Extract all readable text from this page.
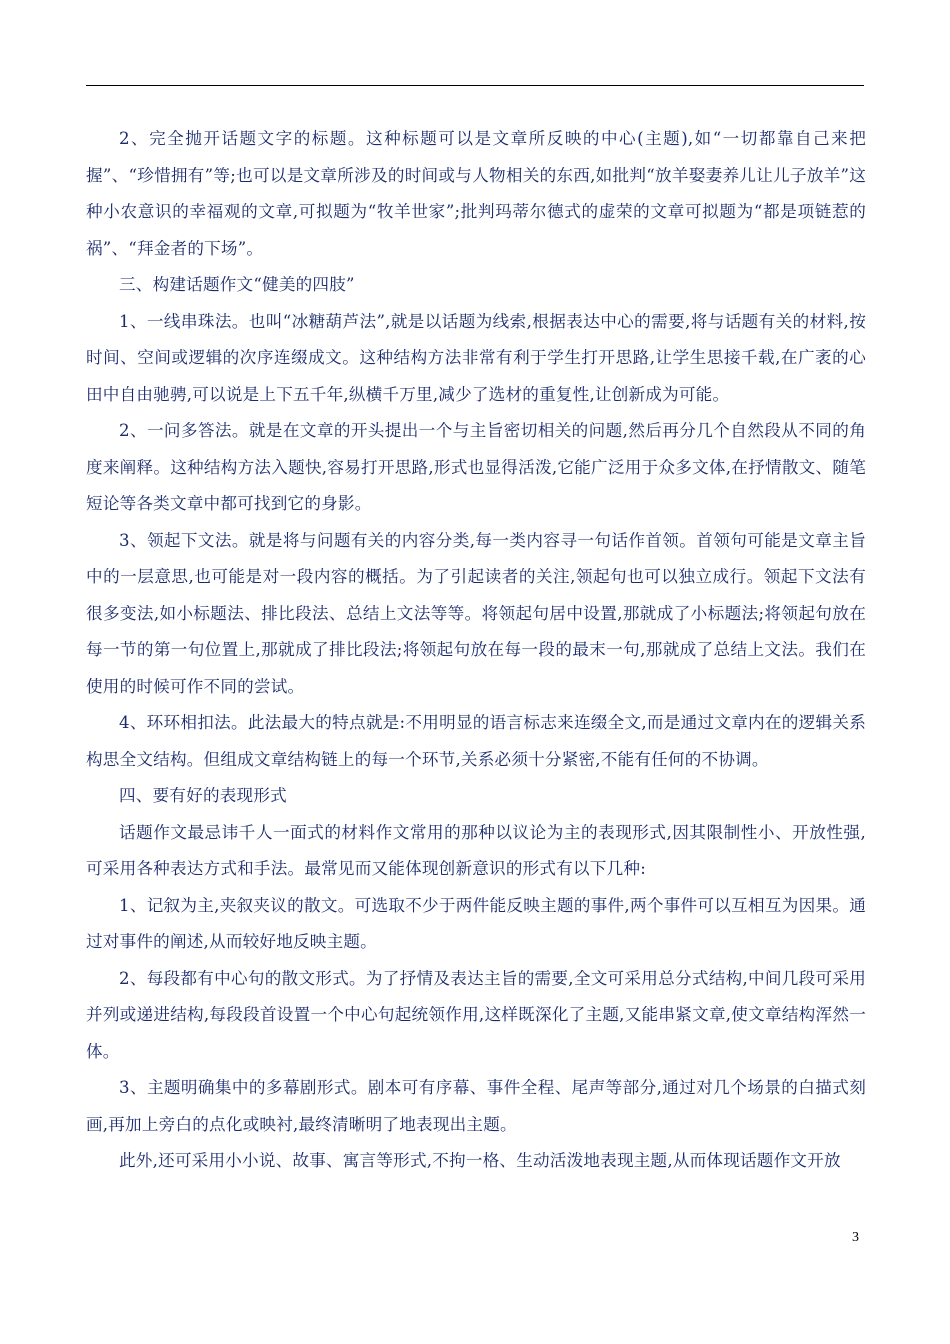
2、完全抛开话题文字的标题。这种标题可以是文章所反映的中心(主题),如“一切都靠自己来把握”、“珍惜拥有”等;也可以是文章所涉及的时间或与人物相关的东西,如批判“放羊娶妻养儿让儿子放羊”这种小农意识的幸福观的文章,可拟题为“牧羊世家”;批判玛蒂尔德式的虚荣的文章可拟题为“都是项链惹的祸”、“拜金者的下场”。

三、构建话题作文“健美的四肢”

1、一线串珠法。也叫“冰糖葫芦法”,就是以话题为线索,根据表达中心的需要,将与话题有关的材料,按时间、空间或逻辑的次序连缀成文。这种结构方法非常有利于学生打开思路,让学生思接千载,在广袤的心田中自由驰骋,可以说是上下五千年,纵横千万里,减少了选材的重复性,让创新成为可能。

2、一问多答法。就是在文章的开头提出一个与主旨密切相关的问题,然后再分几个自然段从不同的角度来阐释。这种结构方法入题快,容易打开思路,形式也显得活泼,它能广泛用于众多文体,在抒情散文、随笔短论等各类文章中都可找到它的身影。

3、领起下文法。就是将与问题有关的内容分类,每一类内容寻一句话作首领。首领句可能是文章主旨中的一层意思,也可能是对一段内容的概括。为了引起读者的关注,领起句也可以独立成行。领起下文法有很多变法,如小标题法、排比段法、总结上文法等等。将领起句居中设置,那就成了小标题法;将领起句放在每一节的第一句位置上,那就成了排比段法;将领起句放在每一段的最末一句,那就成了总结上文法。我们在使用的时候可作不同的尝试。

4、环环相扣法。此法最大的特点就是:不用明显的语言标志来连缀全文,而是通过文章内在的逻辑关系构思全文结构。但组成文章结构链上的每一个环节,关系必须十分紧密,不能有任何的不协调。

四、要有好的表现形式

话题作文最忌讳千人一面式的材料作文常用的那种以议论为主的表现形式,因其限制性小、开放性强,可采用各种表达方式和手法。最常见而又能体现创新意识的形式有以下几种:

1、记叙为主,夹叙夹议的散文。可选取不少于两件能反映主题的事件,两个事件可以互相互为因果。通过对事件的阐述,从而较好地反映主题。

2、每段都有中心句的散文形式。为了抒情及表达主旨的需要,全文可采用总分式结构,中间几段可采用并列或递进结构,每段段首设置一个中心句起统领作用,这样既深化了主题,又能串紧文章,使文章结构浑然一体。

3、主题明确集中的多幕剧形式。剧本可有序幕、事件全程、尾声等部分,通过对几个场景的白描式刻画,再加上旁白的点化或映衬,最终清晰明了地表现出主题。

此外,还可采用小小说、故事、寓言等形式,不拘一格、生动活泼地表现主题,从而体现话题作文开放

3
